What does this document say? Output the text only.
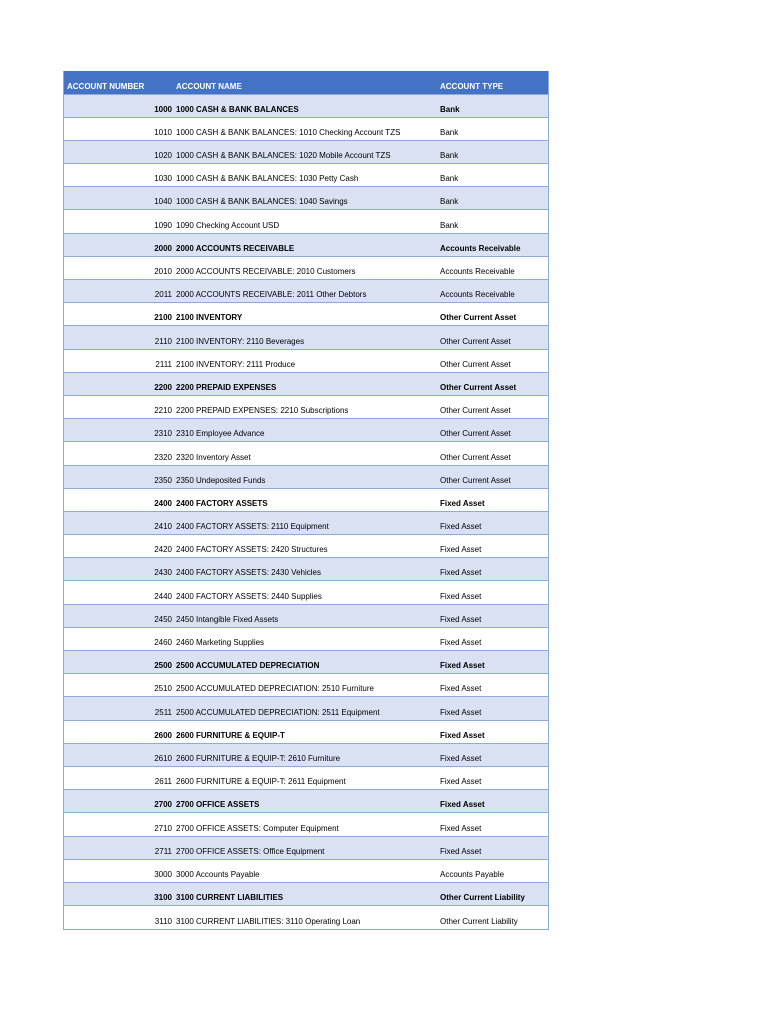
ACCOUNT NUMBER	ACCOUNT NAME	ACCOUNT TYPE
1000	1000 CASH & BANK BALANCES	Bank
1010	1000 CASH & BANK BALANCES: 1010 Checking Account TZS	Bank
1020	1000 CASH & BANK BALANCES: 1020 Mobile Account TZS	Bank
1030	1000 CASH & BANK BALANCES: 1030 Petty Cash	Bank
1040	1000 CASH & BANK BALANCES: 1040 Savings	Bank
1090	1090 Checking Account USD	Bank
2000	2000 ACCOUNTS RECEIVABLE	Accounts Receivable
2010	2000 ACCOUNTS RECEIVABLE: 2010 Customers	Accounts Receivable
2011	2000 ACCOUNTS RECEIVABLE: 2011 Other Debtors	Accounts Receivable
2100	2100 INVENTORY	Other Current Asset
2110	2100 INVENTORY: 2110 Beverages	Other Current Asset
2111	2100 INVENTORY: 2111 Produce	Other Current Asset
2200	2200 PREPAID EXPENSES	Other Current Asset
2210	2200 PREPAID EXPENSES: 2210 Subscriptions	Other Current Asset
2310	2310 Employee Advance	Other Current Asset
2320	2320 Inventory Asset	Other Current Asset
2350	2350 Undeposited Funds	Other Current Asset
2400	2400 FACTORY ASSETS	Fixed Asset
2410	2400 FACTORY ASSETS: 2110 Equipment	Fixed Asset
2420	2400 FACTORY ASSETS: 2420 Structures	Fixed Asset
2430	2400 FACTORY ASSETS: 2430 Vehicles	Fixed Asset
2440	2400 FACTORY ASSETS: 2440 Supplies	Fixed Asset
2450	2450 Intangible Fixed Assets	Fixed Asset
2460	2460 Marketing Supplies	Fixed Asset
2500	2500 ACCUMULATED DEPRECIATION	Fixed Asset
2510	2500 ACCUMULATED DEPRECIATION: 2510 Furniture	Fixed Asset
2511	2500 ACCUMULATED DEPRECIATION: 2511 Equipment	Fixed Asset
2600	2600 FURNITURE & EQUIP-T	Fixed Asset
2610	2600 FURNITURE & EQUIP-T: 2610 Furniture	Fixed Asset
2611	2600 FURNITURE & EQUIP-T: 2611 Equipment	Fixed Asset
2700	2700 OFFICE ASSETS	Fixed Asset
2710	2700 OFFICE ASSETS: Computer Equipment	Fixed Asset
2711	2700 OFFICE ASSETS: Office Equipment	Fixed Asset
3000	3000 Accounts Payable	Accounts Payable
3100	3100 CURRENT LIABILITIES	Other Current Liability
3110	3100 CURRENT LIABILITIES: 3110 Operating Loan	Other Current Liability
